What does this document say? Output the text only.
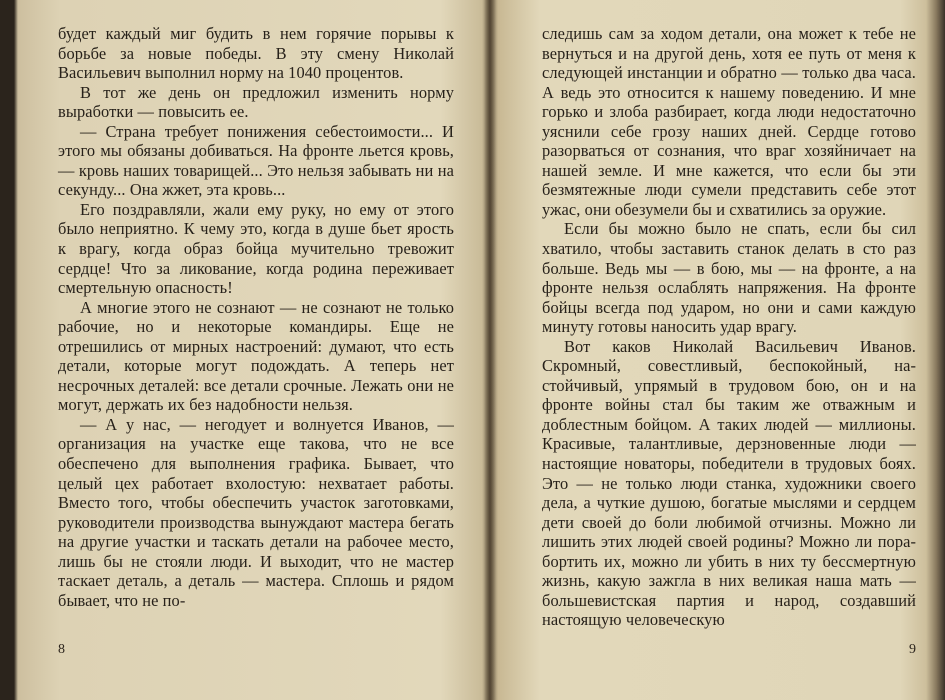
будет каждый миг будить в нем горячие порывы к борьбе за новые победы. В эту смену Николай Васильевич выполнил норму на 1040 процентов.

В тот же день он предложил изменить норму выработки — повысить ее.

— Страна требует понижения себестоимости... И этого мы обязаны добиваться. На фронте льется кровь, — кровь наших товарищей... Это нельзя забывать ни на секунду... Она жжет, эта кровь...

Его поздравляли, жали ему руку, но ему от этого было неприятно. К чему это, когда в душе бьет ярость к врагу, когда образ бойца мучительно тревожит сердце! Что за ликование, когда родина переживает смертельную опасность!

А многие этого не сознают — не сознают не только рабочие, но и некоторые командиры. Еще не отрешились от мирных настроений: думают, что есть детали, которые могут подождать. А теперь нет несрочных деталей: все детали срочные. Лежать они не могут, держать их без надобности нельзя.

— А у нас, — негодует и волнуется Иванов, — организация на участке еще такова, что не все обеспечено для выполнения графика. Бывает, что целый цех работает вхолостую: нехватает работы. Вместо того, чтобы обеспечить участок заготовками, руководители производства вынуждают мастера бегать на другие участки и таскать детали на рабочее место, лишь бы не стояли люди. И выходит, что не мастер таскает деталь, а деталь — мастера. Сплошь и рядом бывает, что не по-

8

следишь сам за ходом детали, она может к тебе не вернуться и на другой день, хотя ее путь от меня к следующей инстанции и обратно — только два часа. А ведь это относится к нашему поведению. И мне горько и злоба разбирает, когда люди недостаточно уяснили себе грозу наших дней. Сердце готово разорваться от сознания, что враг хозяйничает на нашей земле. И мне кажется, что если бы эти безмятежные люди сумели представить себе этот ужас, они обезумели бы и схватились за оружие.

Если бы можно было не спать, если бы сил хватило, чтобы заставить станок делать в сто раз больше. Ведь мы — в бою, мы — на фронте, а на фронте нельзя ослаблять напряжения. На фронте бойцы всегда под ударом, но они и сами каждую минуту готовы наносить удар врагу.

Вот каков Николай Васильевич Иванов. Скромный, совестливый, беспокойный, настойчивый, упрямый в трудовом бою, он и на фронте войны стал бы таким же отважным и доблестным бойцом. А таких людей — миллионы. Красивые, талантливые, дерзновенные люди — настоящие новаторы, победители в трудовых боях. Это — не только люди станка, художники своего дела, а чуткие душою, богатые мыслями и сердцем дети своей до боли любимой отчизны. Можно ли лишить этих людей своей родины? Можно ли порабортить их, можно ли убить в них ту бессмертную жизнь, какую зажгла в них великая наша мать — большевистская партия и народ, создавший настоящую человеческую

9
